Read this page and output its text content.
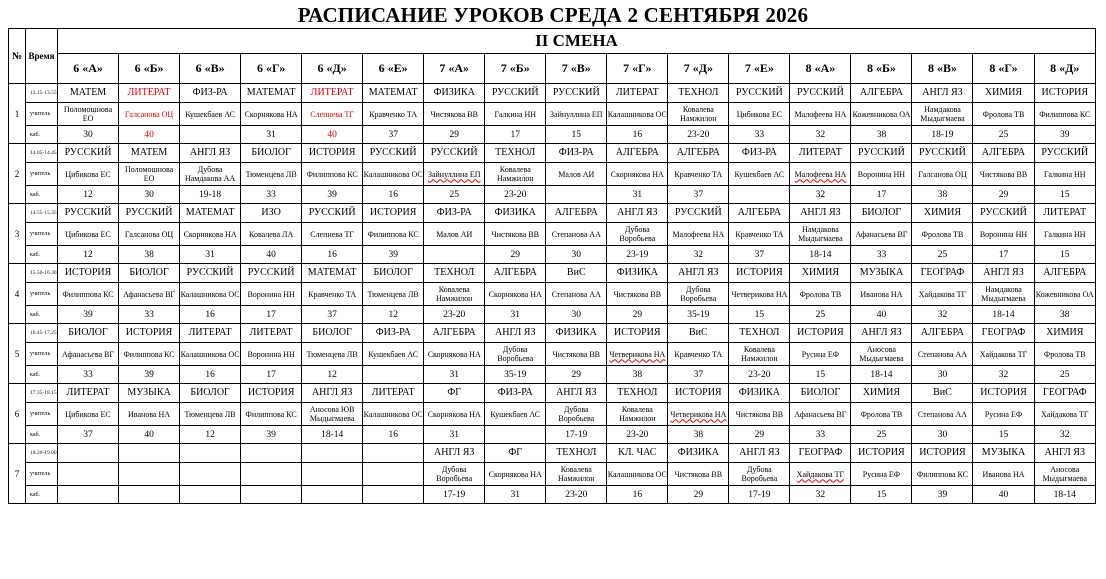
РАСПИСАНИЕ УРОКОВ СРЕДА 2 СЕНТЯБРЯ 2026
№	Время	II СМЕНА																
		6 «А»	6 «Б»	6 «В»	6 «Г»	6 «Д»	6 «Е»	7 «А»	7 «Б»	7 «В»	7 «Г»	7 «Д»	7 «Е»	8 «А»	8 «Б»	8 «В»	8 «Г»	8 «Д»
1	13.15-13.55	МАТЕМ	ЛИТЕРАТ	ФИЗ-РА	МАТЕМАТ	ЛИТЕРАТ	МАТЕМАТ	ФИЗИКА	РУССКИЙ	РУССКИЙ	ЛИТЕРАТ	ТЕХНОЛ	РУССКИЙ	РУССКИЙ	АЛГЕБРА	АНГЛ ЯЗ	ХИМИЯ	ИСТОРИЯ
	учитель	Поломошнова ЕО	Галсанова ОЦ	Кушекбаев АС	Скорнякова НА	Слепнева ТГ	Кравченко ТА	Чистякова ВВ	Галкина НН	Зайнуллина ЕП	Калашникова ОС	Ковалева Намжилон	Цибикова ЕС	Малофеева НА	Кожевникова ОА	Намдакова Мыдыгмаева	Фролова ТВ	Филиппова КС
	каб.	30	40		31	40	37	29	17	15	16	23-20	33	32	38	18-19	25	39
2	14.05-14.45	РУССКИЙ	МАТЕМ	АНГЛ ЯЗ	БИОЛОГ	ИСТОРИЯ	РУССКИЙ	РУССКИЙ	ТЕХНОЛ	ФИЗ-РА	АЛГЕБРА	АЛГЕБРА	ФИЗ-РА	ЛИТЕРАТ	РУССКИЙ	РУССКИЙ	АЛГЕБРА	РУССКИЙ
	учитель	Цибикова ЕС	Поломошнова ЕО	Дубова Намдакова АА	Тюменцева ЛВ	Филиппова КС	Калашникова ОС	Зайнуллина ЕП	Ковалева Намжилон	Малов АИ	Скорнякова НА	Кравченко ТА	Кушекбаев АС	Малофеева НА	Воронина НН	Галсанова ОЦ	Чистякова ВВ	Галкина НН
	каб.	12	30	19-18	33	39	16	25	23-20		31	37		32	17	38	29	15
3	14.55-15.35	РУССКИЙ	РУССКИЙ	МАТЕМАТ	ИЗО	РУССКИЙ	ИСТОРИЯ	ФИЗ-РА	ФИЗИКА	АЛГЕБРА	АНГЛ ЯЗ	РУССКИЙ	АЛГЕБРА	АНГЛ ЯЗ	БИОЛОГ	ХИМИЯ	РУССКИЙ	ЛИТЕРАТ
	учитель	Цибикова ЕС	Галсанова ОЦ	Скорнякова НА	Ковалева ЛА	Слепнева ТГ	Филиппова КС	Малов АИ	Чистякова ВВ	Степанова АА	Дубова Воробьева	Малофеева НА	Кравченко ТА	Намдакова Мыдыгмаева	Афанасьева ВГ	Фролова ТВ	Воронина НН	Галкина НН
	каб.	12	38	31	40	16	39		29	30	23-19	32	37	18-14	33	25	17	15
4	15.50-16.30	ИСТОРИЯ	БИОЛОГ	РУССКИЙ	РУССКИЙ	МАТЕМАТ	БИОЛОГ	ТЕХНОЛ	АЛГЕБРА	ВиС	ФИЗИКА	АНГЛ ЯЗ	ИСТОРИЯ	ХИМИЯ	МУЗЫКА	ГЕОГРАФ	АНГЛ ЯЗ	АЛГЕБРА
	учитель	Филиппова КС	Афанасьева ВГ	Калашникова ОС	Воронина НН	Кравченко ТА	Тюменцева ЛВ	Ковалева Намжилон	Скорнякова НА	Степанова АА	Чистякова ВВ	Дубова Воробьева	Четверикова НА	Фролова ТВ	Иванова НА	Хайдакова ТГ	Намдакова Мыдыгмаева	Кожевникова ОА
	каб.	39	33	16	17	37	12	23-20	31	30	29	35-19	15	25	40	32	18-14	38
5	16.45-17.25	БИОЛОГ	ИСТОРИЯ	ЛИТЕРАТ	ЛИТЕРАТ	БИОЛОГ	ФИЗ-РА	АЛГЕБРА	АНГЛ ЯЗ	ФИЗИКА	ИСТОРИЯ	ВиС	ТЕХНОЛ	ИСТОРИЯ	АНГЛ ЯЗ	АЛГЕБРА	ГЕОГРАФ	ХИМИЯ
	учитель	Афанасьева ВГ	Филиппова КС	Калашникова ОС	Воронина НН	Тюменцева ЛВ	Кушекбаев АС	Скорнякова НА	Дубова Воробьева	Чистякова ВВ	Четверикова НА	Кравченко ТА	Ковалева Намжилон	Русина ЕФ	Аносова Мыдыгмаева	Степанова АА	Хайдакова ТГ	Фролова ТВ
	каб.	33	39	16	17	12		31	35-19	29	38	37	23-20	15	18-14	30	32	25
6	17.35-18.15	ЛИТЕРАТ	МУЗЫКА	БИОЛОГ	ИСТОРИЯ	АНГЛ ЯЗ	ЛИТЕРАТ	ФГ	ФИЗ-РА	АНГЛ ЯЗ	ТЕХНОЛ	ИСТОРИЯ	ФИЗИКА	БИОЛОГ	ХИМИЯ	ВиС	ИСТОРИЯ	ГЕОГРАФ
	учитель	Цибикова ЕС	Иванова НА	Тюменцева ЛВ	Филиппова КС	Аносова ЮВ Мыдыгмаева	Калашникова ОС	Скорнякова НА	Кушекбаев АС	Дубова Воробьева	Ковалева Намжилон	Четверикова НА	Чистякова ВВ	Афанасьева ВГ	Фролова ТВ	Степанова АА	Русина ЕФ	Хайдакова ТГ
	каб.	37	40	12	39	18-14	16	31		17-19	23-20	38	29	33	25	30	15	32
7	18.20-19.00							АНГЛ ЯЗ	ФГ	ТЕХНОЛ	КЛ. ЧАС	ФИЗИКА	АНГЛ ЯЗ	ГЕОГРАФ	ИСТОРИЯ	ИСТОРИЯ	МУЗЫКА	АНГЛ ЯЗ
	учитель							Дубова Воробьева	Скорнякова НА	Ковалева Намжилон	Калашникова ОС	Чистякова ВВ	Дубова Воробьева	Хайдакова ТГ	Русина ЕФ	Филиппова КС	Иванова НА	Аносова Мыдыгмаева
	каб.							17-19	31	23-20	16	29	17-19	32	15	39	40	18-14
